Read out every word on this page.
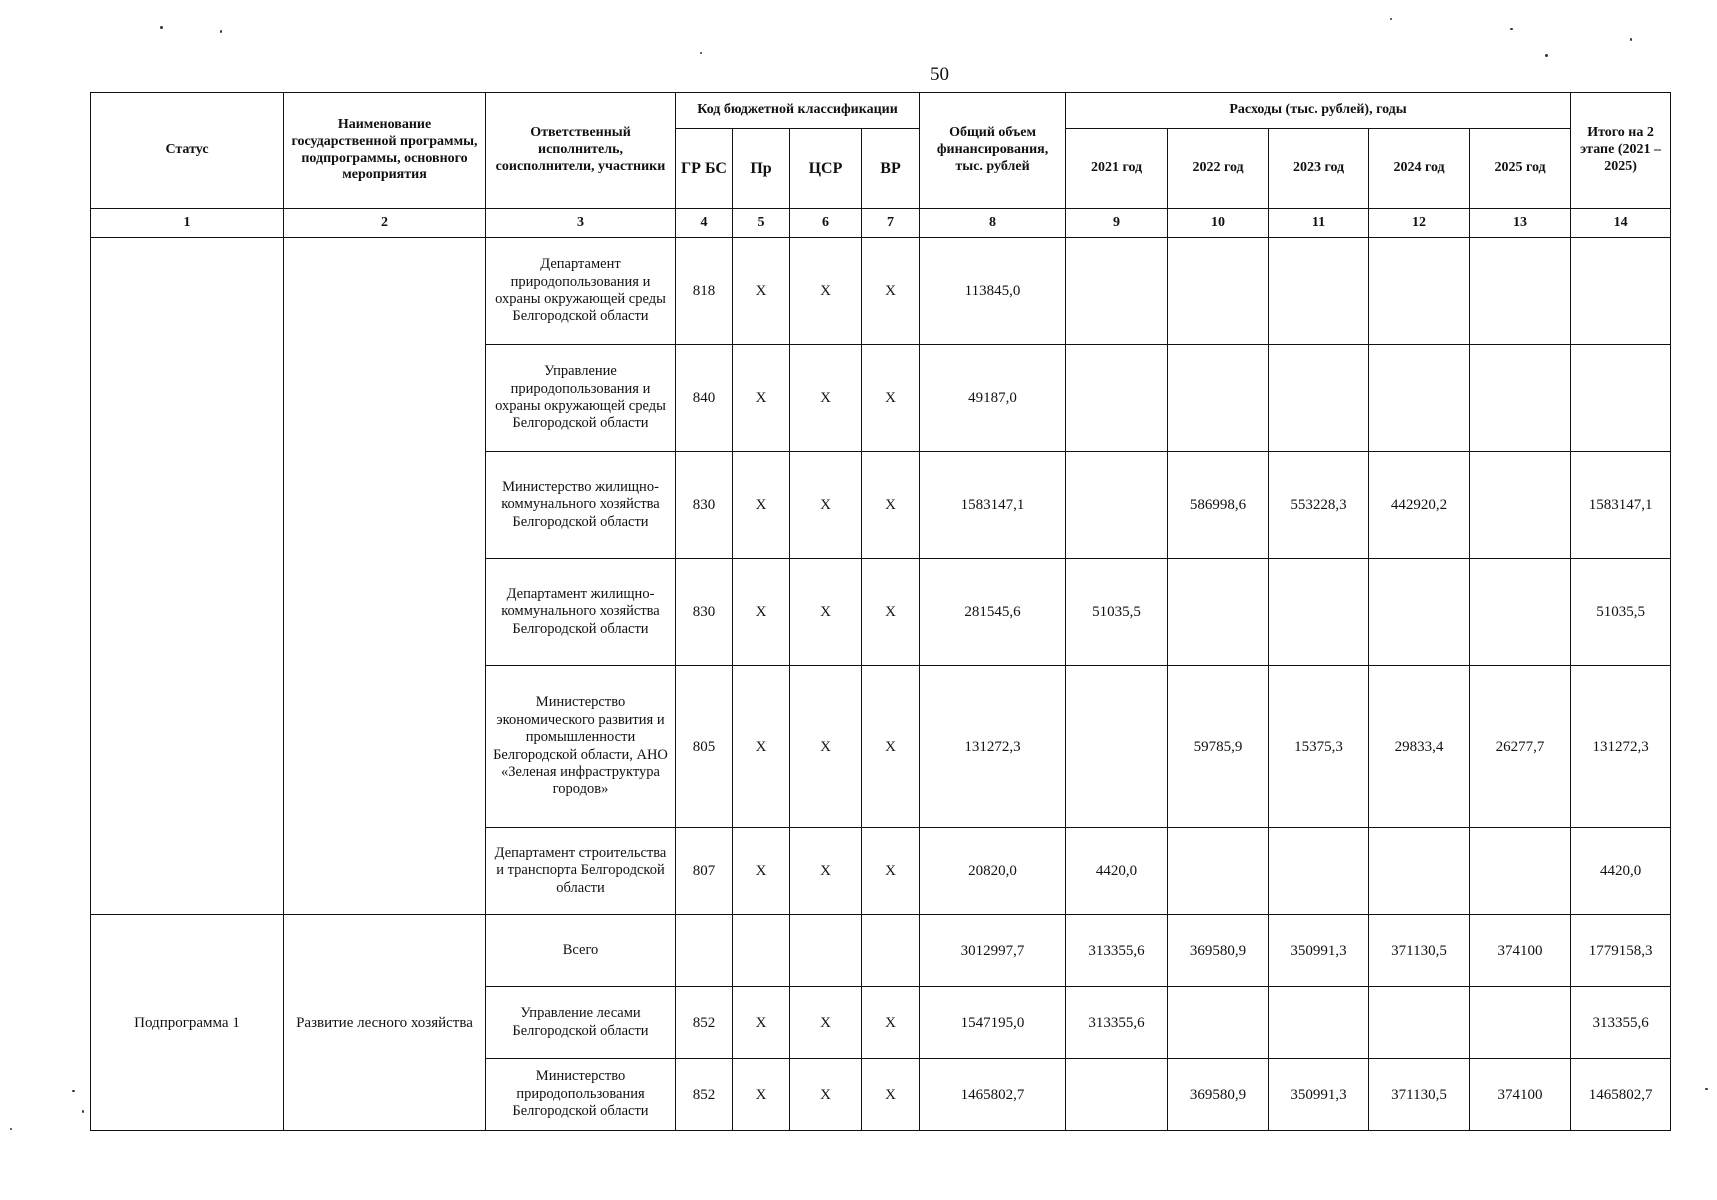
50
Статус	Наименование государственной программы, подпрограммы, основного мероприятия	Ответственный исполнитель, соисполнители, участники	Код бюджетной классификации				Общий объем финансирования, тыс. рублей	Расходы (тыс. рублей), годы					Итого на 2 этапе (2021 – 2025)
			ГР БС	Пр	ЦСР	ВР		2021 год	2022 год	2023 год	2024 год	2025 год	
1	2	3	4	5	6	7	8	9	10	11	12	13	14
		Департамент природопользования и охраны окружающей среды Белгородской области	818	X	X	X	113845,0						
		Управление природопользования и охраны окружающей среды Белгородской области	840	X	X	X	49187,0						
		Министерство жилищно-коммунального хозяйства Белгородской области	830	X	X	X	1583147,1		586998,6	553228,3	442920,2		1583147,1
		Департамент жилищно-коммунального хозяйства Белгородской области	830	X	X	X	281545,6	51035,5					51035,5
		Министерство экономического развития и промышленности Белгородской области, АНО «Зеленая инфраструктура городов»	805	X	X	X	131272,3		59785,9	15375,3	29833,4	26277,7	131272,3
		Департамент строительства и транспорта Белгородской области	807	X	X	X	20820,0	4420,0					4420,0
Подпрограмма 1	Развитие лесного хозяйства	Всего					3012997,7	313355,6	369580,9	350991,3	371130,5	374100	1779158,3
		Управление лесами Белгородской области	852	X	X	X	1547195,0	313355,6					313355,6
		Министерство природопользования Белгородской области	852	X	X	X	1465802,7		369580,9	350991,3	371130,5	374100	1465802,7
